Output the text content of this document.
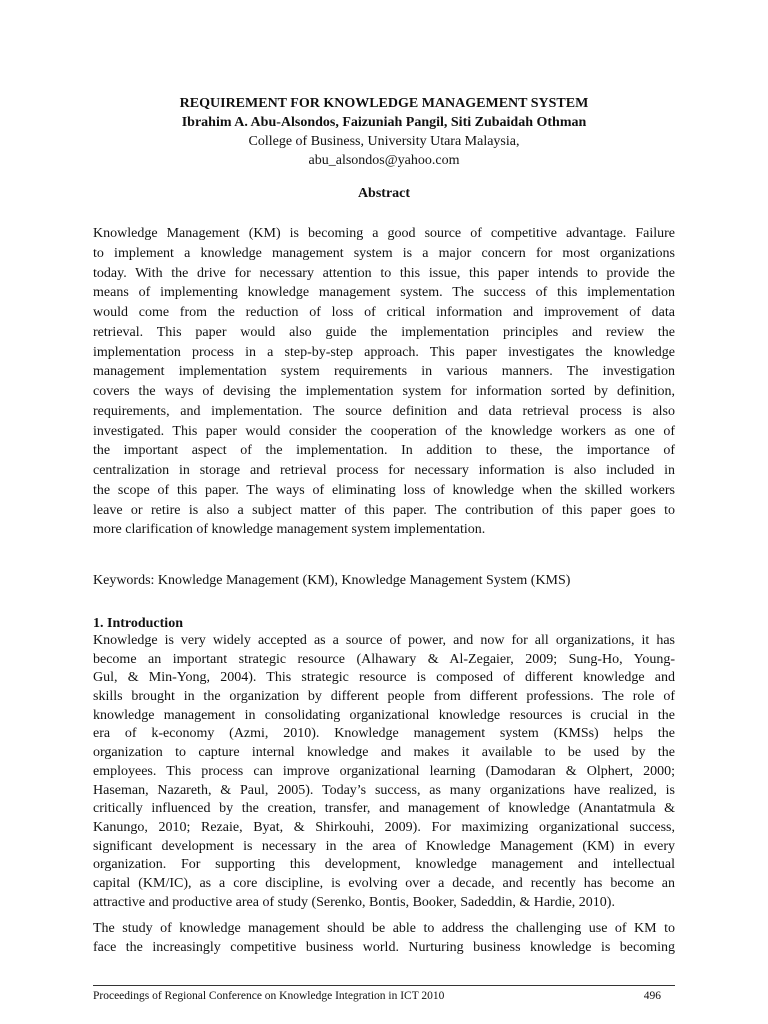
REQUIREMENT FOR KNOWLEDGE MANAGEMENT SYSTEM
Ibrahim A. Abu-Alsondos, Faizuniah Pangil, Siti Zubaidah Othman
College of Business, University Utara Malaysia,
abu_alsondos@yahoo.com
Abstract
Knowledge Management (KM) is becoming a good source of competitive advantage. Failure
to implement a knowledge management system is a major concern for most organizations
today. With the drive for necessary attention to this issue, this paper intends to provide the
means of implementing knowledge management system. The success of this implementation
would come from the reduction of loss of critical information and improvement of data
retrieval. This paper would also guide the implementation principles and review the
implementation process in a step-by-step approach. This paper investigates the knowledge
management implementation system requirements in various manners. The investigation
covers the ways of devising the implementation system for information sorted by definition,
requirements, and implementation. The source definition and data retrieval process is also
investigated. This paper would consider the cooperation of the knowledge workers as one of
the important aspect of the implementation. In addition to these, the importance of
centralization in storage and retrieval process for necessary information is also included in
the scope of this paper. The ways of eliminating loss of knowledge when the skilled workers
leave or retire is also a subject matter of this paper. The contribution of this paper goes to
more clarification of knowledge management system implementation.
Keywords: Knowledge Management (KM), Knowledge Management System (KMS)
1. Introduction
Knowledge is very widely accepted as a source of power, and now for all organizations, it has
become an important strategic resource (Alhawary & Al-Zegaier, 2009; Sung-Ho, Young-
Gul, & Min-Yong, 2004). This strategic resource is composed of different knowledge and
skills brought in the organization by different people from different professions. The role of
knowledge management in consolidating organizational knowledge resources is crucial in the
era of k-economy (Azmi, 2010). Knowledge management system (KMSs) helps the
organization to capture internal knowledge and makes it available to be used by the
employees. This process can improve organizational learning (Damodaran & Olphert, 2000;
Haseman, Nazareth, & Paul, 2005). Today’s success, as many organizations have realized, is
critically influenced by the creation, transfer, and management of knowledge (Anantatmula &
Kanungo, 2010; Rezaie, Byat, & Shirkouhi, 2009). For maximizing organizational success,
significant development is necessary in the area of Knowledge Management (KM) in every
organization. For supporting this development, knowledge management and intellectual
capital (KM/IC), as a core discipline, is evolving over a decade, and recently has become an
attractive and productive area of study (Serenko, Bontis, Booker, Sadeddin, & Hardie, 2010).
The study of knowledge management should be able to address the challenging use of KM to
face the increasingly competitive business world. Nurturing business knowledge is becoming
Proceedings of Regional Conference on Knowledge Integration in ICT 2010	496
